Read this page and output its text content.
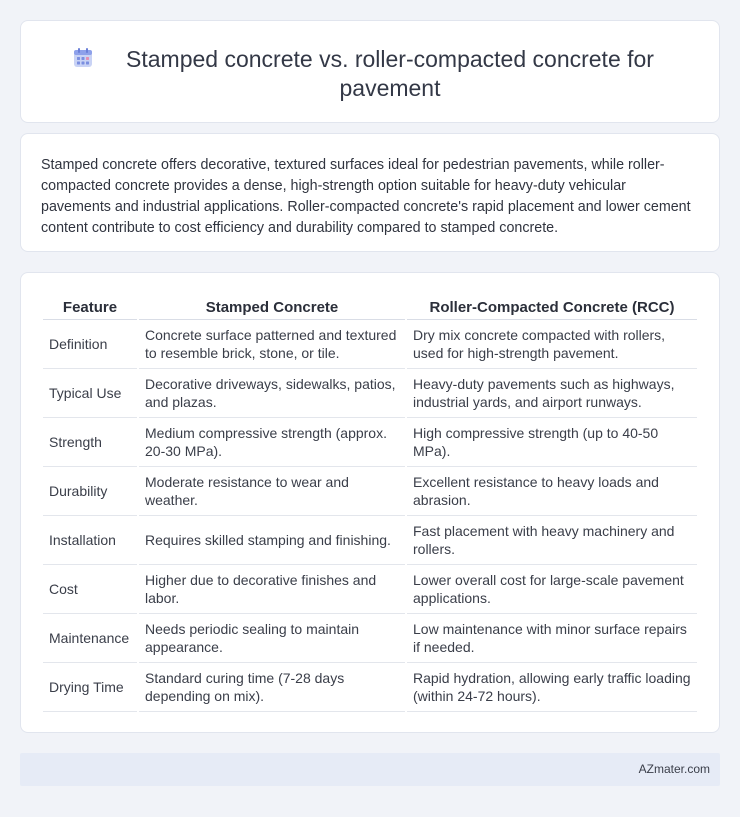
Stamped concrete vs. roller-compacted concrete for pavement

Stamped concrete offers decorative, textured surfaces ideal for pedestrian pavements, while roller-compacted concrete provides a dense, high-strength option suitable for heavy-duty vehicular pavements and industrial applications. Roller-compacted concrete's rapid placement and lower cement content contribute to cost efficiency and durability compared to stamped concrete.

Feature	Stamped Concrete	Roller-Compacted Concrete (RCC)
Definition	Concrete surface patterned and textured to resemble brick, stone, or tile.	Dry mix concrete compacted with rollers, used for high-strength pavement.
Typical Use	Decorative driveways, sidewalks, patios, and plazas.	Heavy-duty pavements such as highways, industrial yards, and airport runways.
Strength	Medium compressive strength (approx. 20-30 MPa).	High compressive strength (up to 40-50 MPa).
Durability	Moderate resistance to wear and weather.	Excellent resistance to heavy loads and abrasion.
Installation	Requires skilled stamping and finishing.	Fast placement with heavy machinery and rollers.
Cost	Higher due to decorative finishes and labor.	Lower overall cost for large-scale pavement applications.
Maintenance	Needs periodic sealing to maintain appearance.	Low maintenance with minor surface repairs if needed.
Drying Time	Standard curing time (7-28 days depending on mix).	Rapid hydration, allowing early traffic loading (within 24-72 hours).
AZmater.com
